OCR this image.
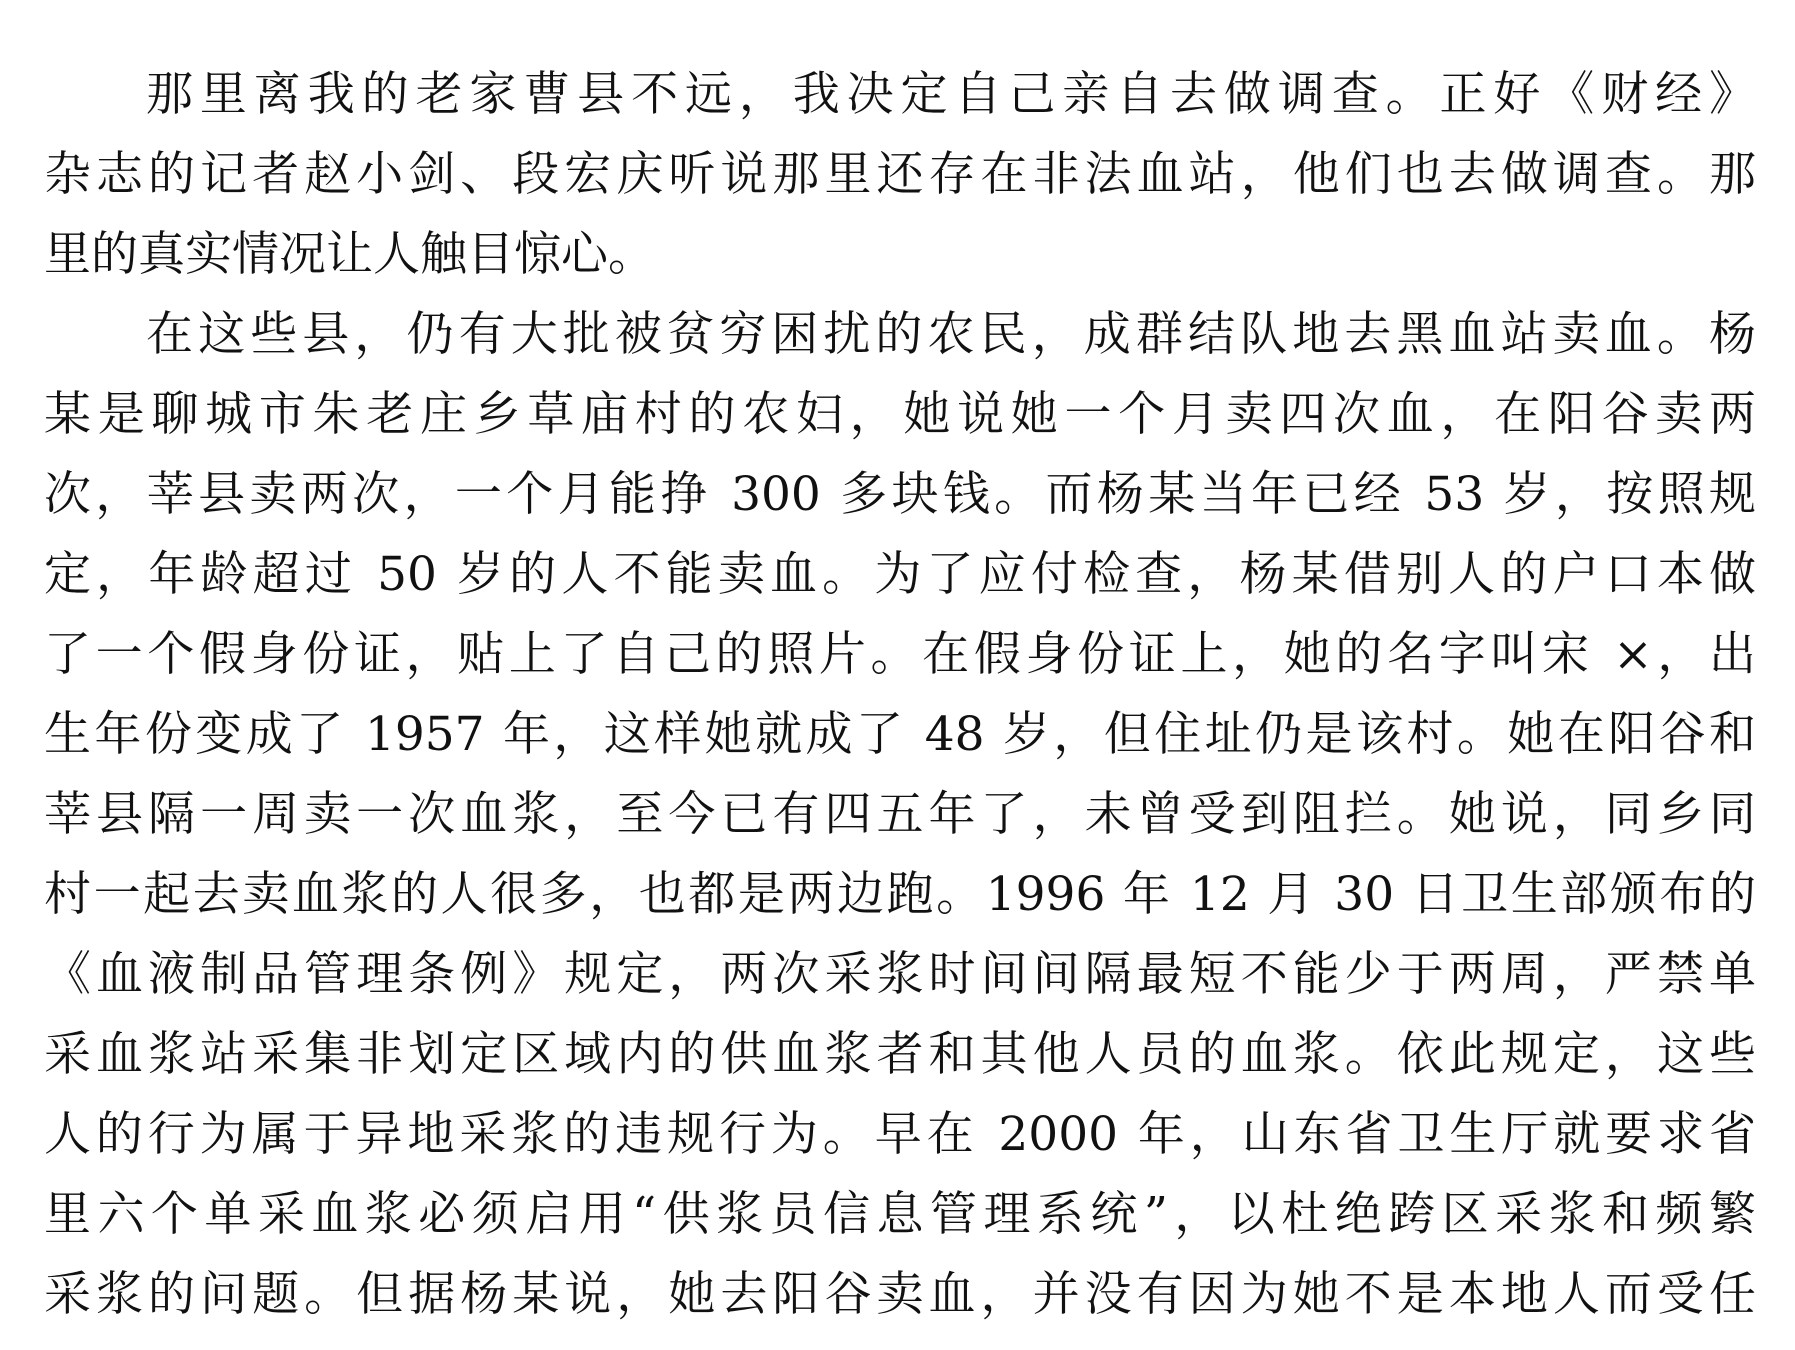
那里离我的老家曹县不远，我决定自己亲自去做调查。正好《财经》
杂志的记者赵小剑、段宏庆听说那里还存在非法血站，他们也去做调查。那
里的真实情况让人触目惊心。
在这些县，仍有大批被贫穷困扰的农民，成群结队地去黑血站卖血。杨
某是聊城市朱老庄乡草庙村的农妇，她说她一个月卖四次血，在阳谷卖两
次，莘县卖两次，一个月能挣 300 多块钱。而杨某当年已经 53 岁，按照规
定，年龄超过 50 岁的人不能卖血。为了应付检查，杨某借别人的户口本做
了一个假身份证，贴上了自己的照片。在假身份证上，她的名字叫宋 ×，出
生年份变成了 1957 年，这样她就成了 48 岁，但住址仍是该村。她在阳谷和
莘县隔一周卖一次血浆，至今已有四五年了，未曾受到阻拦。她说，同乡同
村一起去卖血浆的人很多，也都是两边跑。1996 年 12 月 30 日卫生部颁布的
《血液制品管理条例》规定，两次采浆时间间隔最短不能少于两周，严禁单
采血浆站采集非划定区域内的供血浆者和其他人员的血浆。依此规定，这些
人的行为属于异地采浆的违规行为。早在 2000 年，山东省卫生厅就要求省
里六个单采血浆必须启用“供浆员信息管理系统”，以杜绝跨区采浆和频繁
采浆的问题。但据杨某说，她去阳谷卖血，并没有因为她不是本地人而受任
